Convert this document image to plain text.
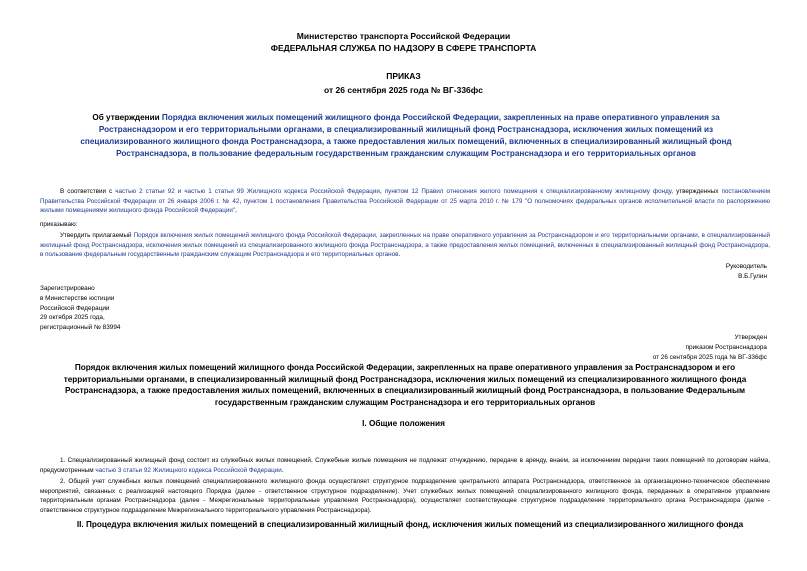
Министерство транспорта Российской Федерации
ФЕДЕРАЛЬНАЯ СЛУЖБА ПО НАДЗОРУ В СФЕРЕ ТРАНСПОРТА
ПРИКАЗ
от 26 сентября 2025 года № ВГ-336фс
Об утверждении Порядка включения жилых помещений жилищного фонда Российской Федерации, закрепленных на праве оперативного управления за Ространснадзором и его территориальными органами, в специализированный жилищный фонд Ространснадзора, исключения жилых помещений из специализированного жилищного фонда Ространснадзора, а также предоставления жилых помещений, включенных в специализированный жилищный фонд Ространснадзора, в пользование федеральным государственным гражданским служащим Ространснадзора и его территориальных органов
В соответствии с частью 2 статьи 92 и частью 1 статьи 99 Жилищного кодекса Российской Федерации, пунктом 12 Правил отнесения жилого помещения к специализированному жилищному фонду, утвержденных постановлением Правительства Российской Федерации от 26 января 2006 г. № 42, пунктом 1 постановления Правительства Российской Федерации от 25 марта 2010 г. № 179 "О полномочиях федеральных органов исполнительной власти по распоряжению жилыми помещениями жилищного фонда Российской Федерации",
приказываю:
Утвердить прилагаемый Порядок включения жилых помещений жилищного фонда Российской Федерации, закрепленных на праве оперативного управления за Ространснадзором и его территориальными органами, в специализированный жилищный фонд Ространснадзора, исключения жилых помещений из специализированного жилищного фонда Ространснадзора, а также предоставления жилых помещений, включенных в специализированный жилищный фонд Ространснадзора, в пользование федеральным государственным гражданским служащим Ространснадзора и его территориальных органов.
Руководитель
В.Б.Гулин
Зарегистрировано
в Министерстве юстиции
Российской Федерации
29 октября 2025 года,
регистрационный № 83994
Утвержден
приказом Ространснадзора
от 26 сентября 2025 года № ВГ-336фс
Порядок включения жилых помещений жилищного фонда Российской Федерации, закрепленных на праве оперативного управления за Ространснадзором и его территориальными органами, в специализированный жилищный фонд Ространснадзора, исключения жилых помещений из специализированного жилищного фонда Ространснадзора, а также предоставления жилых помещений, включенных в специализированный жилищный фонд Ространснадзора, в пользование Федеральным государственным гражданским служащим Ространснадзора и его территориальных органов
I. Общие положения
1. Специализированный жилищный фонд состоит из служебных жилых помещений. Служебные жилые помещения не подлежат отчуждению, передаче в аренду, внаем, за исключением передачи таких помещений по договорам найма, предусмотренным частью 3 статьи 92 Жилищного кодекса Российской Федерации.
2. Общий учет служебных жилых помещений специализированного жилищного фонда осуществляет структурное подразделение центрального аппарата Ространснадзора, ответственное за организационно-техническое обеспечение мероприятий, связанных с реализацией настоящего Порядка (далее - ответственное структурное подразделение). Учет служебных жилых помещений специализированного жилищного фонда, переданных в оперативное управление территориальным органам Ространснадзора (далее - Межрегиональные территориальные управления Ространснадзора), осуществляет соответствующее структурное подразделение территориального органа Ространснадзора (далее - ответственное структурное подразделение Межрегионального территориального управления Ространснадзора).
II. Процедура включения жилых помещений в специализированный жилищный фонд, исключения жилых помещений из специализированного жилищного фонда
